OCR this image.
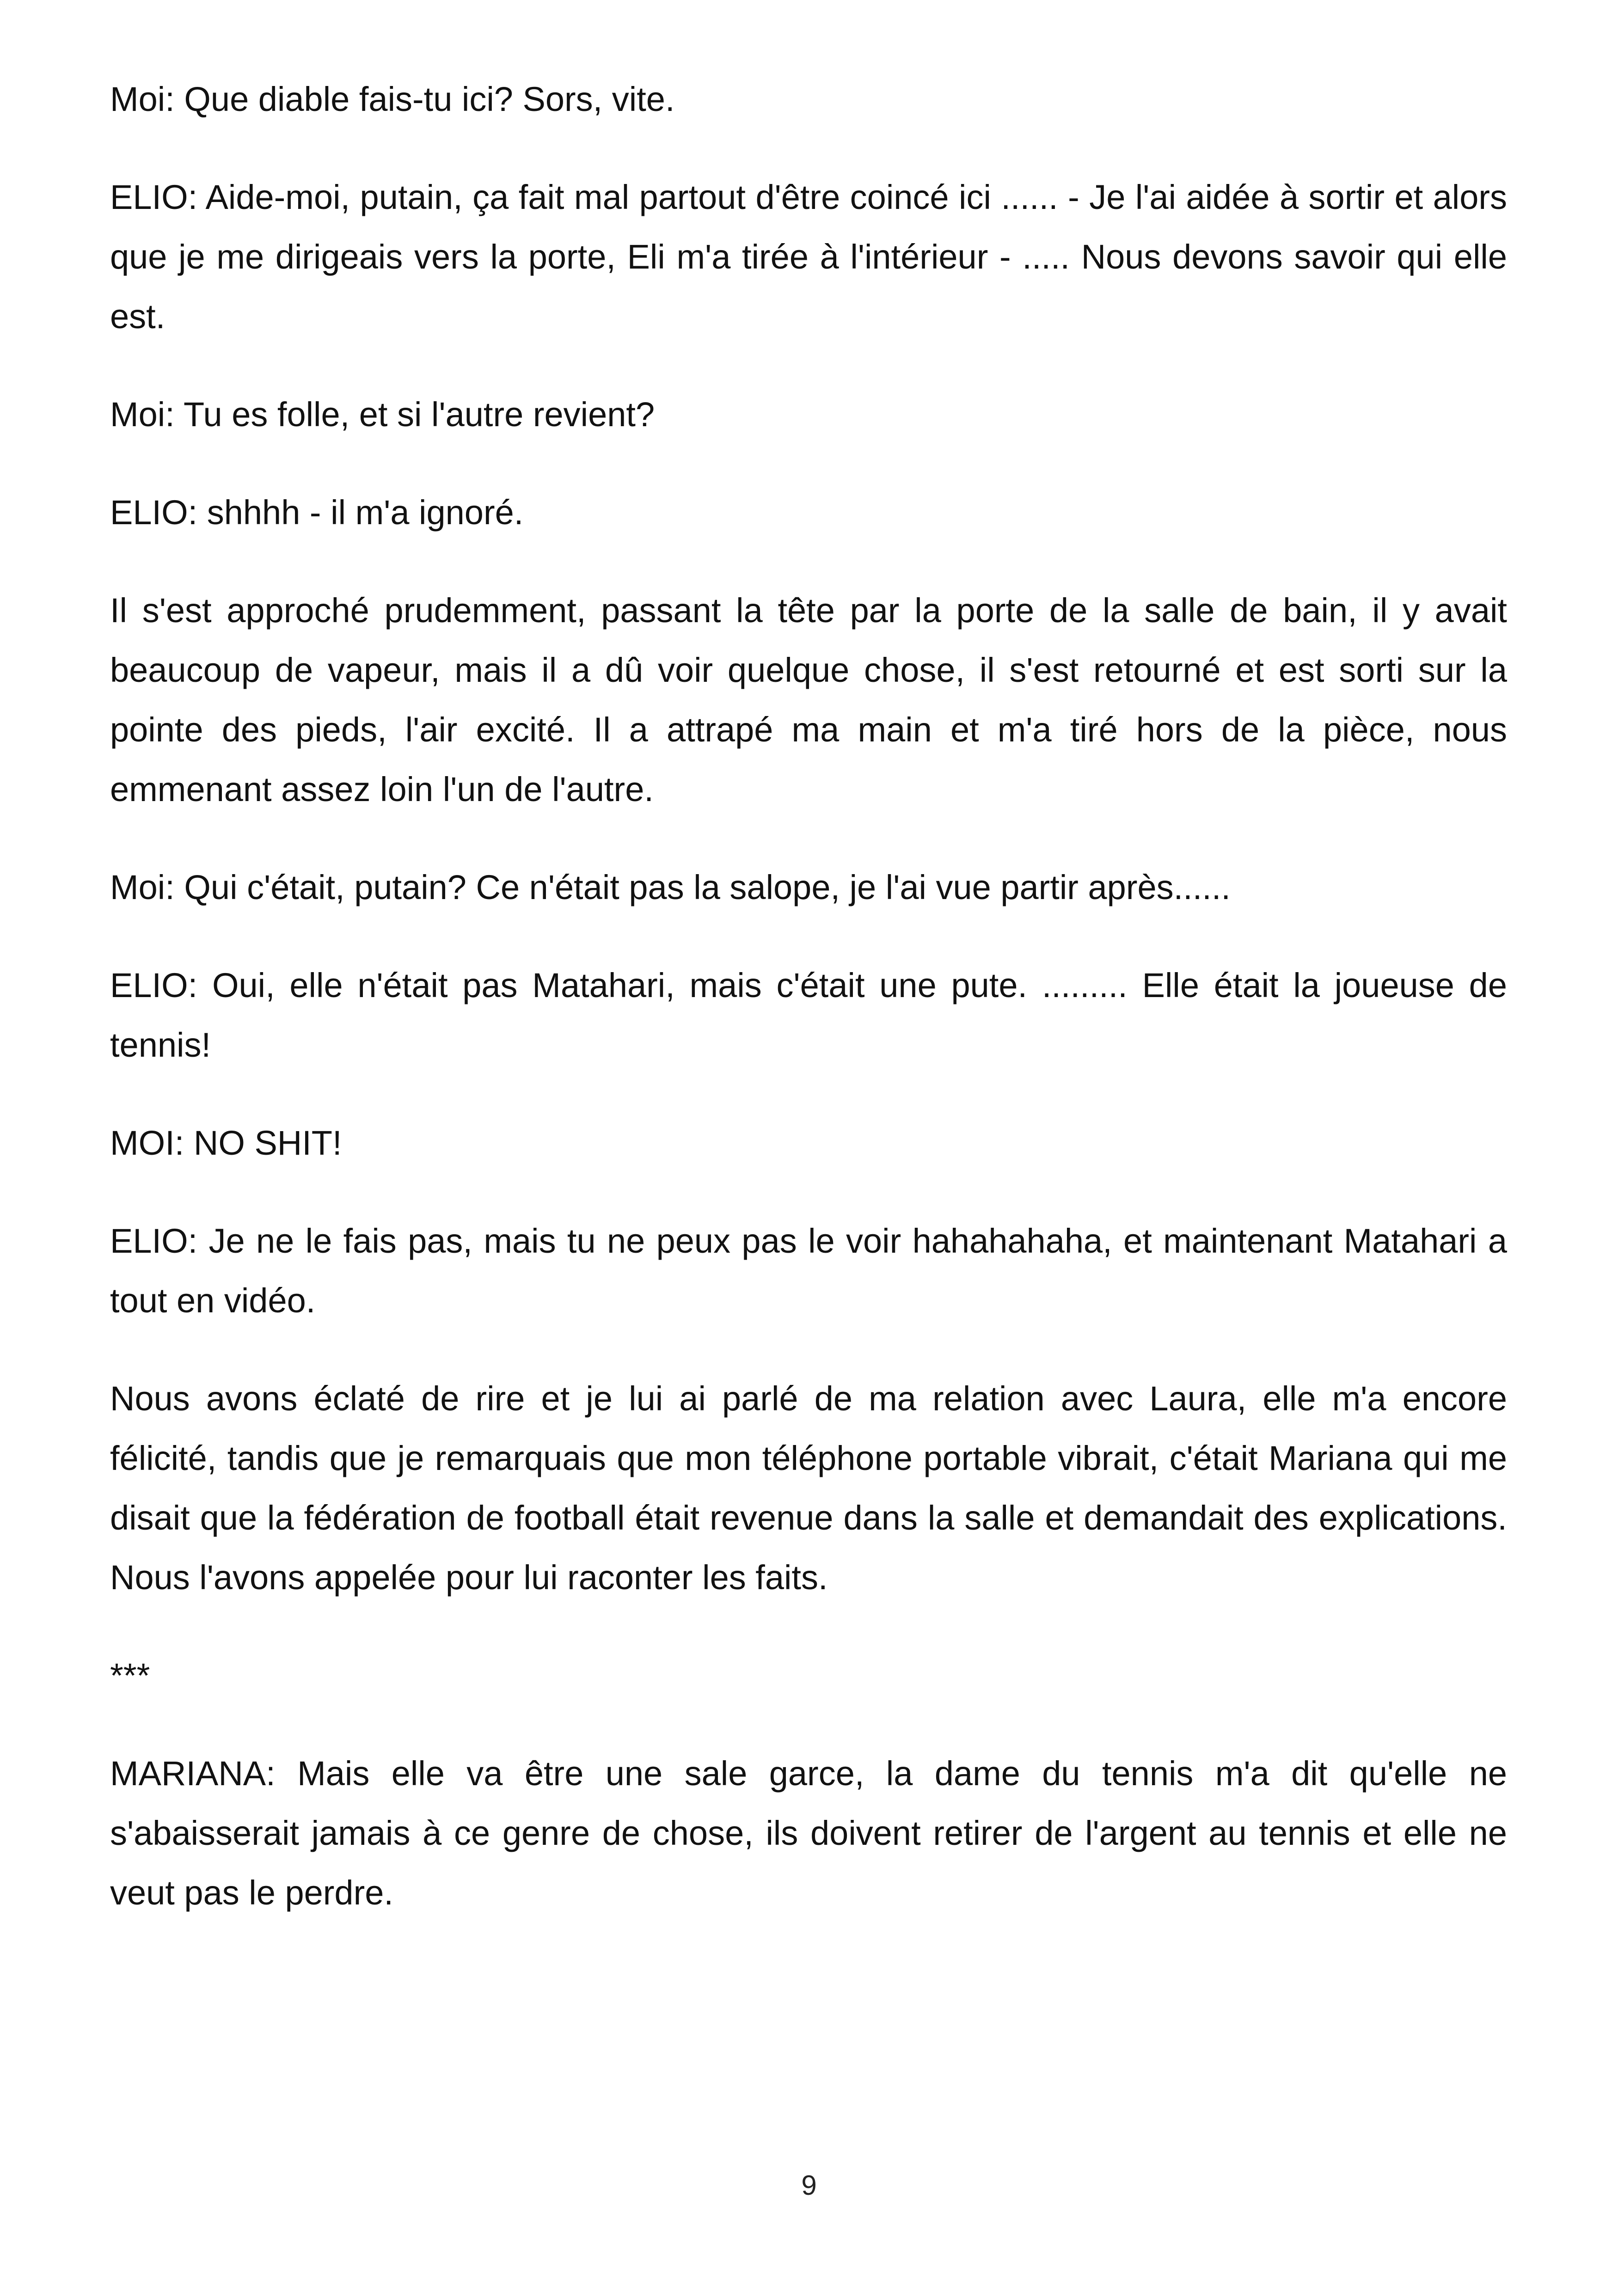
Moi: Que diable fais-tu ici? Sors, vite.

ELIO: Aide-moi, putain, ça fait mal partout d'être coincé ici ...... - Je l'ai aidée à sortir et alors que je me dirigeais vers la porte, Eli m'a tirée à l'intérieur - ..... Nous devons savoir qui elle est.

Moi: Tu es folle, et si l'autre revient?

ELIO: shhhh - il m'a ignoré.

Il s'est approché prudemment, passant la tête par la porte de la salle de bain, il y avait beaucoup de vapeur, mais il a dû voir quelque chose, il s'est retourné et est sorti sur la pointe des pieds, l'air excité. Il a attrapé ma main et m'a tiré hors de la pièce, nous emmenant assez loin l'un de l'autre.

Moi: Qui c'était, putain? Ce n'était pas la salope, je l'ai vue partir après......

ELIO: Oui, elle n'était pas Matahari, mais c'était une pute. ......... Elle était la joueuse de tennis!

MOI: NO SHIT!

ELIO: Je ne le fais pas, mais tu ne peux pas le voir hahahahaha, et maintenant Matahari a tout en vidéo.

Nous avons éclaté de rire et je lui ai parlé de ma relation avec Laura, elle m'a encore félicité, tandis que je remarquais que mon téléphone portable vibrait, c'était Mariana qui me disait que la fédération de football était revenue dans la salle et demandait des explications. Nous l'avons appelée pour lui raconter les faits.

***

MARIANA: Mais elle va être une sale garce, la dame du tennis m'a dit qu'elle ne s'abaisserait jamais à ce genre de chose, ils doivent retirer de l'argent au tennis et elle ne veut pas le perdre.

9
